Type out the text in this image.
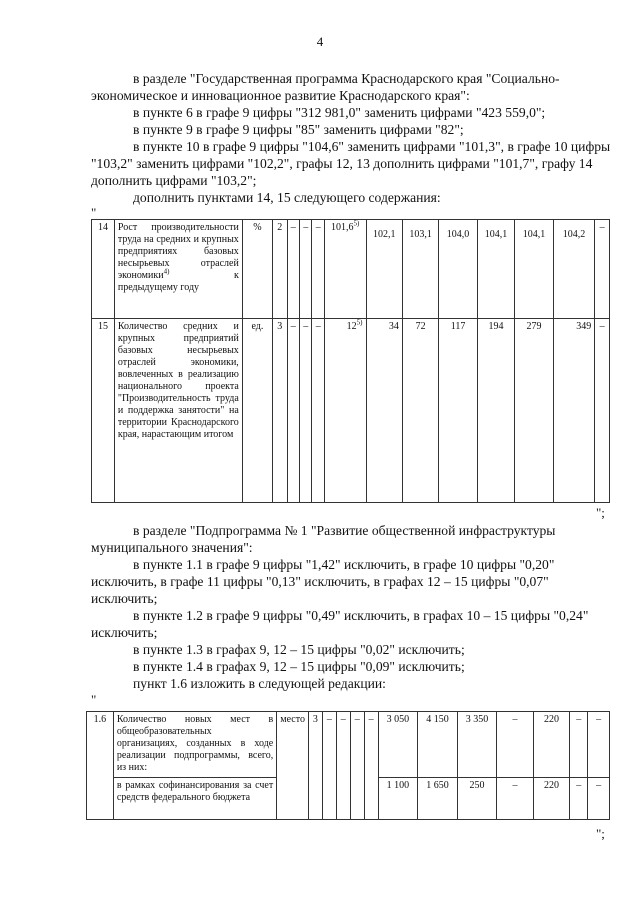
4

в разделе "Государственная программа Краснодарского края "Социально-экономическое и инновационное развитие Краснодарского края":

в пункте 6 в графе 9 цифры "312 981,0" заменить цифрами "423 559,0";

в пункте 9 в графе 9 цифры "85" заменить цифрами "82";

в пункте 10 в графе 9 цифры "104,6" заменить цифрами "101,3", в графе 10 цифры "103,2" заменить цифрами "102,2", графы 12, 13 дополнить цифрами "101,7", графу 14 дополнить цифрами "103,2";

дополнить пунктами 14, 15 следующего содержания:

"
14	Рост производительности труда на средних и крупных предприятиях базовых несырьевых отраслей экономики$^{4)}$ к предыдущему году	%	2	–	–	–	101,6$^{5)}$	102,1	103,1	104,0	104,1	104,1	104,2	–
15	Количество средних и крупных предприятий базовых несырьевых отраслей экономики, вовлеченных в реализацию национального проекта "Производительность труда и поддержка занятости" на территории Краснодарского края, нарастающим итогом	ед.	3	–	–	–	12$^{5)}$	34	72	117	194	279	349	–
";

в разделе "Подпрограмма № 1 "Развитие общественной инфраструктуры муниципального значения":

в пункте 1.1 в графе 9 цифры "1,42" исключить, в графе 10 цифры "0,20" исключить, в графе 11 цифры "0,13" исключить, в графах 12 – 15 цифры "0,07" исключить;

в пункте 1.2 в графе 9 цифры "0,49" исключить, в графах 10 – 15 цифры "0,24" исключить;

в пункте 1.3 в графах 9, 12 – 15 цифры "0,02" исключить;

в пункте 1.4 в графах 9, 12 – 15 цифры "0,09" исключить;

пункт 1.6 изложить в следующей редакции:

"
1.6	Количество новых мест в общеобразовательных организациях, созданных в ходе реализации подпрограммы, всего, из них:	место	3	–	–	–	–	3 050	4 150	3 350	–	220	–	–
	в рамках софинансирования за счет средств федерального бюджета							1 100	1 650	250	–	220	–	–
";
